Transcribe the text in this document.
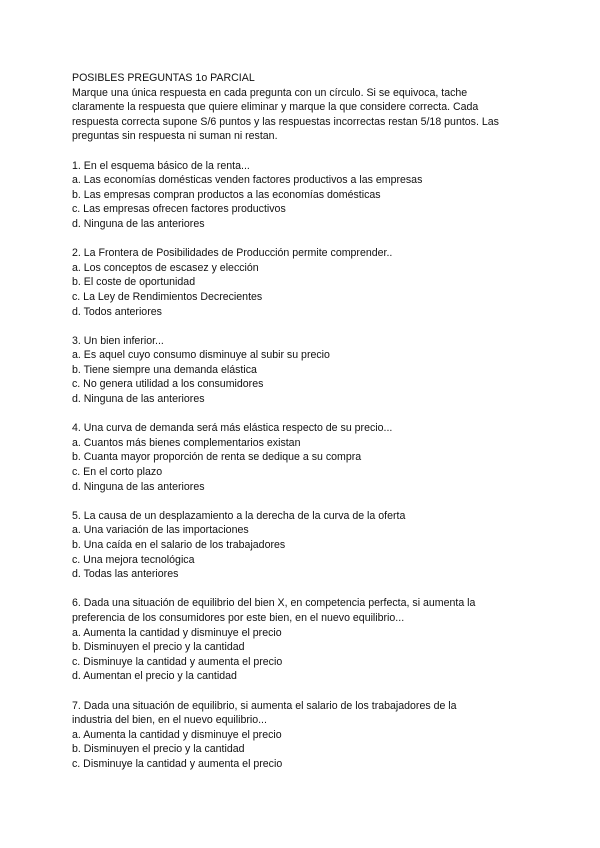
POSIBLES PREGUNTAS 1o PARCIAL
Marque una única respuesta en cada pregunta con un círculo. Si se equivoca, tache
claramente la respuesta que quiere eliminar y marque la que considere correcta. Cada
respuesta correcta supone S/6 puntos y las respuestas incorrectas restan 5/18 puntos. Las
preguntas sin respuesta ni suman ni restan.
1. En el esquema básico de la renta...
a. Las economías domésticas venden factores productivos a las empresas
b. Las empresas compran productos a las economías domésticas
c. Las empresas ofrecen factores productivos
d. Ninguna de las anteriores
2. La Frontera de Posibilidades de Producción permite comprender..
a. Los conceptos de escasez y elección
b. El coste de oportunidad
c. La Ley de Rendimientos Decrecientes
d. Todos anteriores
3. Un bien inferior...
a. Es aquel cuyo consumo disminuye al subir su precio
b. Tiene siempre una demanda elástica
c. No genera utilidad a los consumidores
d. Ninguna de las anteriores
4. Una curva de demanda será más elástica respecto de su precio...
a. Cuantos más bienes complementarios existan
b. Cuanta mayor proporción de renta se dedique a su compra
c. En el corto plazo
d. Ninguna de las anteriores
5. La causa de un desplazamiento a la derecha de la curva de la oferta
a. Una variación de las importaciones
b. Una caída en el salario de los trabajadores
c. Una mejora tecnológica
d. Todas las anteriores
6. Dada una situación de equilibrio del bien X, en competencia perfecta, si aumenta la
preferencia de los consumidores por este bien, en el nuevo equilibrio...
a. Aumenta la cantidad y disminuye el precio
b. Disminuyen el precio y la cantidad
c. Disminuye la cantidad y aumenta el precio
d. Aumentan el precio y la cantidad
7. Dada una situación de equilibrio, si aumenta el salario de los trabajadores de la
industria del bien, en el nuevo equilibrio...
a. Aumenta la cantidad y disminuye el precio
b. Disminuyen el precio y la cantidad
c. Disminuye la cantidad y aumenta el precio
